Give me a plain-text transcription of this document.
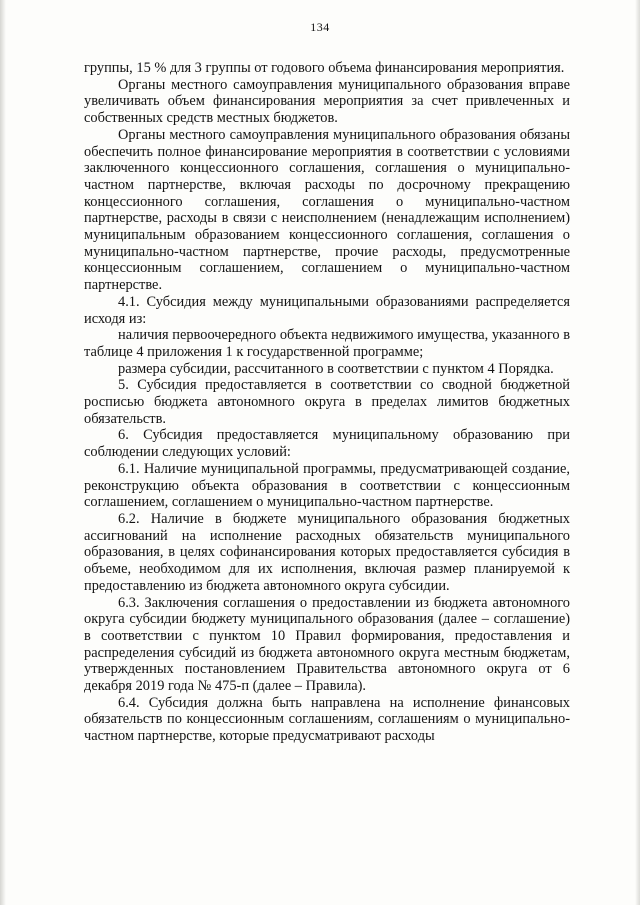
134

группы, 15 % для 3 группы от годового объема финансирования мероприятия.

Органы местного самоуправления муниципального образования вправе увеличивать объем финансирования мероприятия за счет привлеченных и собственных средств местных бюджетов.

Органы местного самоуправления муниципального образования обязаны обеспечить полное финансирование мероприятия в соответствии с условиями заключенного концессионного соглашения, соглашения о муниципально-частном партнерстве, включая расходы по досрочному прекращению концессионного соглашения, соглашения о муниципально-частном партнерстве, расходы в связи с неисполнением (ненадлежащим исполнением) муниципальным образованием концессионного соглашения, соглашения о муниципально-частном партнерстве, прочие расходы, предусмотренные концессионным соглашением, соглашением о муниципально-частном партнерстве.

4.1. Субсидия между муниципальными образованиями распределяется исходя из:

наличия первоочередного объекта недвижимого имущества, указанного в таблице 4 приложения 1 к государственной программе;

размера субсидии, рассчитанного в соответствии с пунктом 4 Порядка.

5. Субсидия предоставляется в соответствии со сводной бюджетной росписью бюджета автономного округа в пределах лимитов бюджетных обязательств.

6. Субсидия предоставляется муниципальному образованию при соблюдении следующих условий:

6.1. Наличие муниципальной программы, предусматривающей создание, реконструкцию объекта образования в соответствии с концессионным соглашением, соглашением о муниципально-частном партнерстве.

6.2. Наличие в бюджете муниципального образования бюджетных ассигнований на исполнение расходных обязательств муниципального образования, в целях софинансирования которых предоставляется субсидия в объеме, необходимом для их исполнения, включая размер планируемой к предоставлению из бюджета автономного округа субсидии.

6.3. Заключения соглашения о предоставлении из бюджета автономного округа субсидии бюджету муниципального образования (далее – соглашение) в соответствии с пунктом 10 Правил формирования, предоставления и распределения субсидий из бюджета автономного округа местным бюджетам, утвержденных постановлением Правительства автономного округа от 6 декабря 2019 года № 475-п (далее – Правила).

6.4. Субсидия должна быть направлена на исполнение финансовых обязательств по концессионным соглашениям, соглашениям о муниципально-частном партнерстве, которые предусматривают расходы
